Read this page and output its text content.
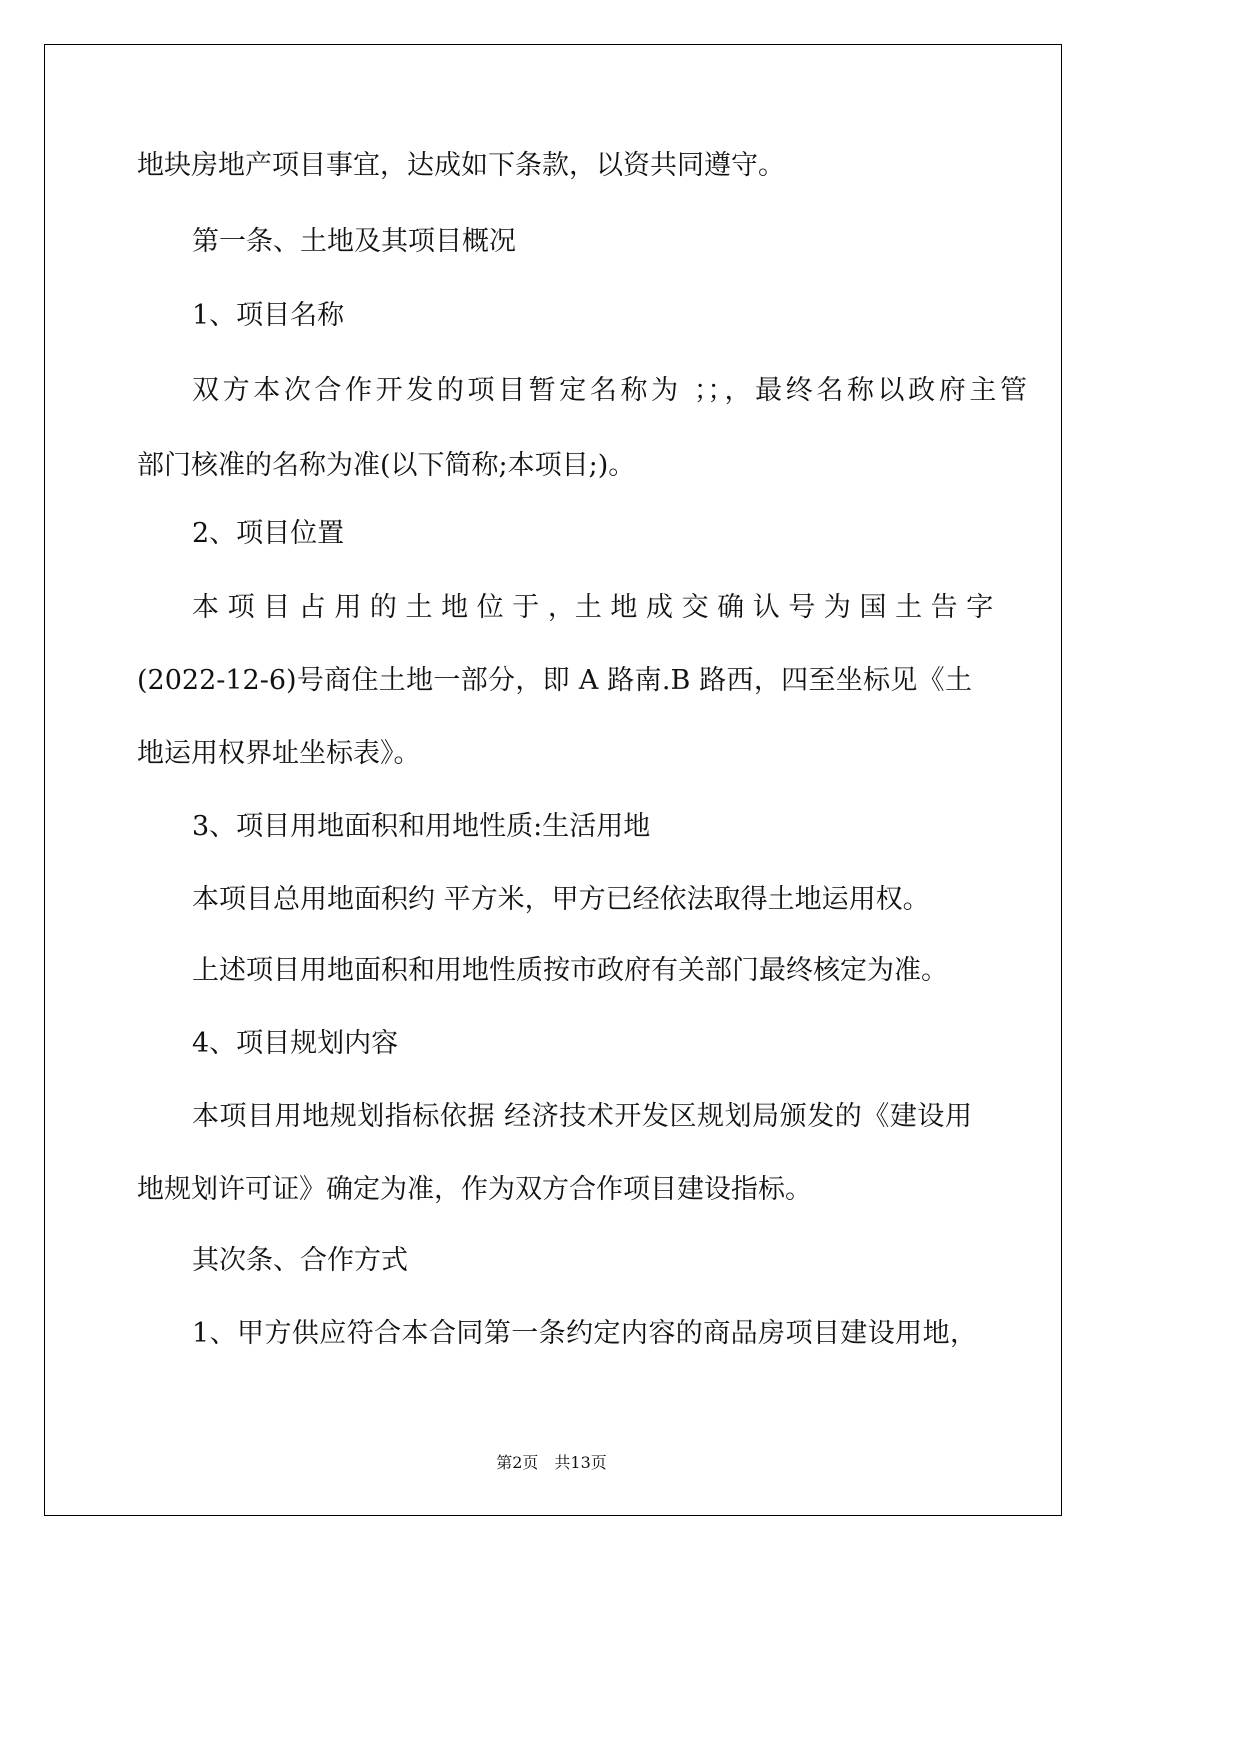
地块房地产项目事宜，达成如下条款，以资共同遵守。
第一条、土地及其项目概况
1、项目名称
双方本次合作开发的项目暂定名称为 ；；，最终名称以政府主管
部门核准的名称为准(以下简称;本项目;)。
2、项目位置
本 项 目 占 用 的 土 地 位 于 ，土 地 成 交 确 认 号 为 国 土 告 字
(2022-12-6)号商住土地一部分，即 A 路南.B 路西，四至坐标见《土
地运用权界址坐标表》。
3、项目用地面积和用地性质:生活用地
本项目总用地面积约 平方米，甲方已经依法取得土地运用权。
上述项目用地面积和用地性质按市政府有关部门最终核定为准。
4、项目规划内容
本项目用地规划指标依据 经济技术开发区规划局颁发的《建设用
地规划许可证》确定为准，作为双方合作项目建设指标。
其次条、合作方式
1、甲方供应符合本合同第一条约定内容的商品房项目建设用地，
第2页　共13页
